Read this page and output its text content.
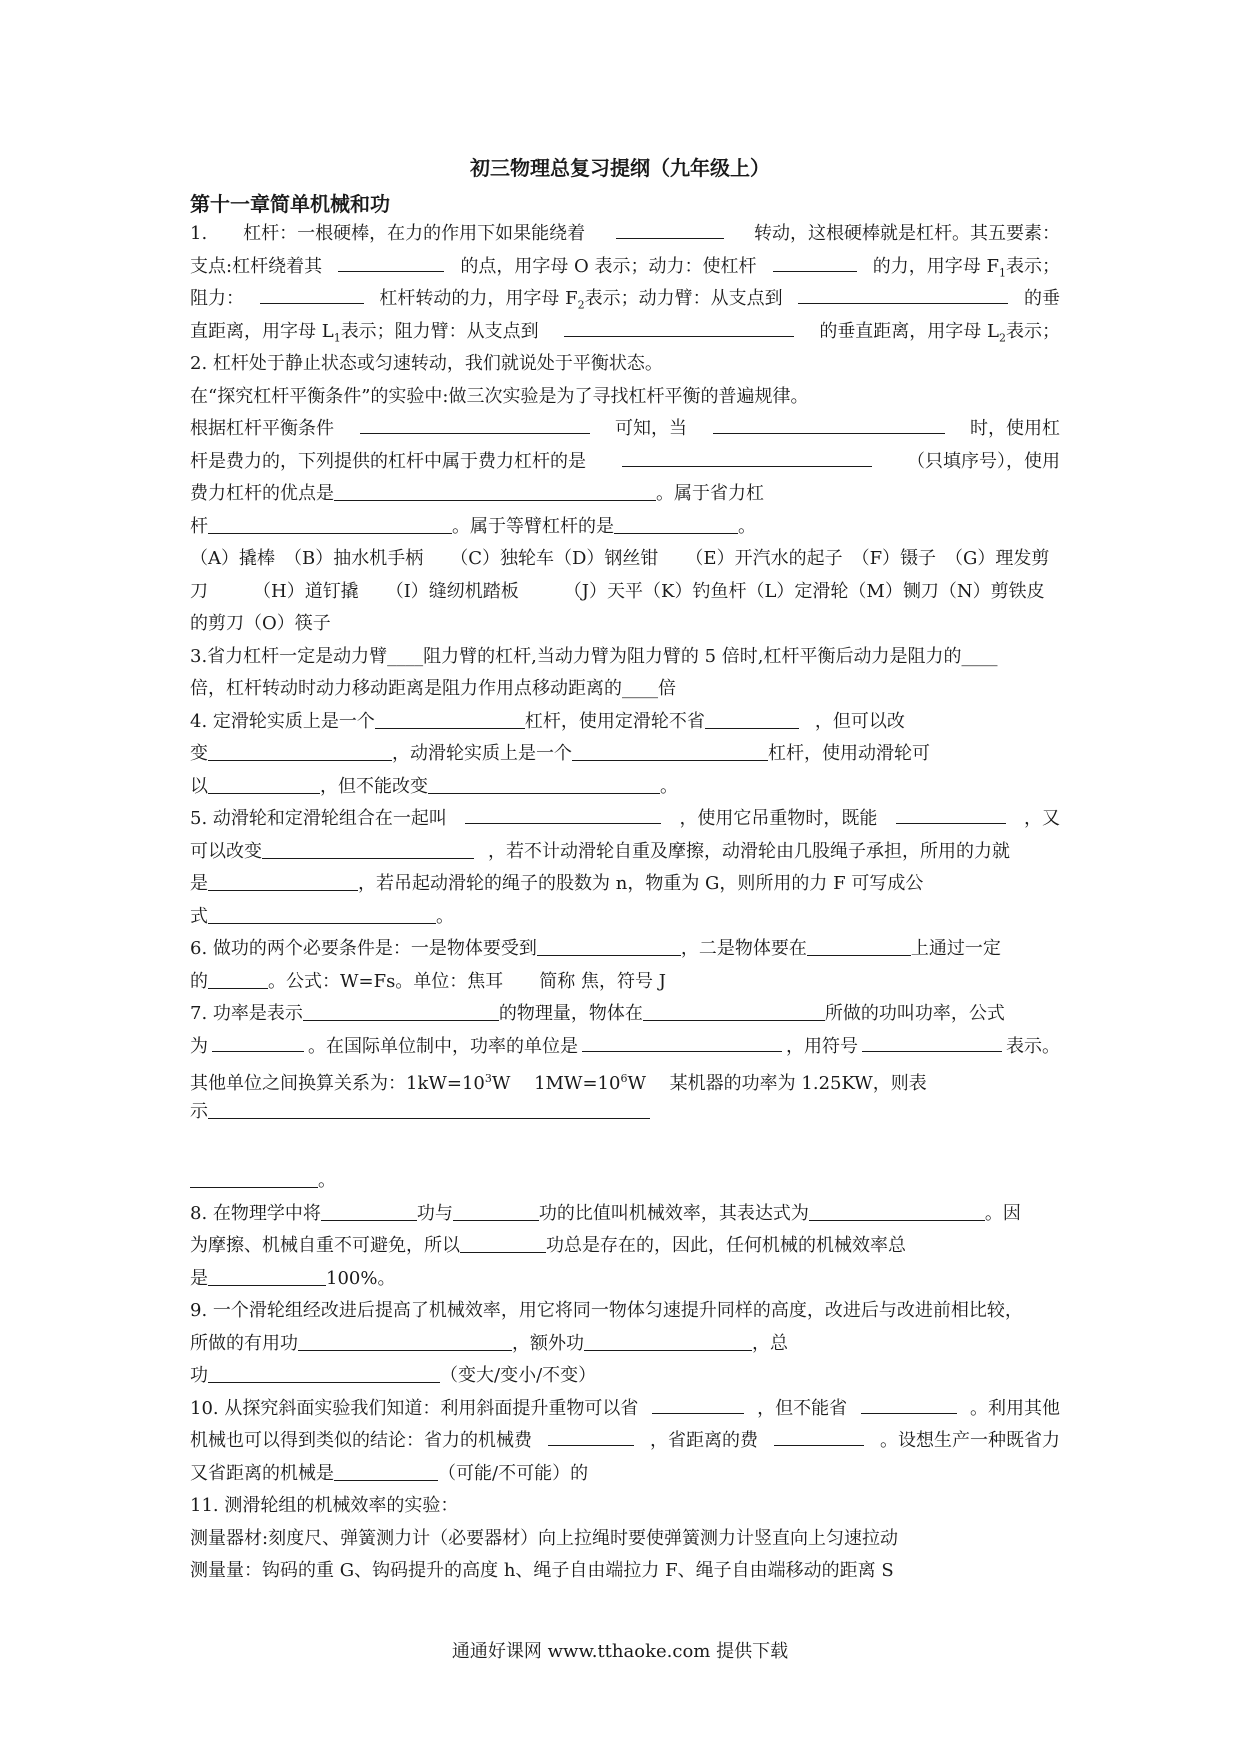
初三物理总复习提纲（九年级上）
第十一章简单机械和功
1.　　杠杆：一根硬棒，在力的作用下如果能绕着	转动，这根硬棒就是杠杆。其五要素：
支点:杠杆绕着其	的点，用字母 O 表示；动力：使杠杆	的力，用字母 $F_1$表示；
阻力：	杠杆转动的力，用字母 $F_2$表示；动力臂：从支点到	的垂
直距离，用字母 $L_1$表示；阻力臂：从支点到	的垂直距离，用字母 $L_2$表示；
2. 杠杆处于静止状态或匀速转动，我们就说处于平衡状态。
在“探究杠杆平衡条件”的实验中:做三次实验是为了寻找杠杆平衡的普遍规律。
根据杠杆平衡条件	可知，当	时，使用杠
杆是费力的，下列提供的杠杆中属于费力杠杆的是	（只填序号），使用
费力杠杆的优点是	。属于省力杠
杆	。属于等臂杠杆的是	。
（A）撬棒　（B）抽水机手柄　　（C）独轮车（D）钢丝钳　　（E）开汽水的起子　（F）镊子　（G）理发剪
刀　　　（H）道钉撬　　（I）缝纫机踏板　　　（J）天平（K）钓鱼杆（L）定滑轮（M）铡刀（N）剪铁皮
的剪刀（O）筷子
3.省力杠杆一定是动力臂____阻力臂的杠杆,当动力臂为阻力臂的 5 倍时,杠杆平衡后动力是阻力的____
倍，杠杆转动时动力移动距离是阻力作用点移动距离的____倍
4. 定滑轮实质上是一个	杠杆，使用定滑轮不省	，但可以改
变	，动滑轮实质上是一个	杠杆，使用动滑轮可
以	，但不能改变	。
5. 动滑轮和定滑轮组合在一起叫	，使用它吊重物时，既能	，又
可以改变	，若不计动滑轮自重及摩擦，动滑轮由几股绳子承担，所用的力就
是	，若吊起动滑轮的绳子的股数为 n，物重为 G，则所用的力 F 可写成公
式	。
6. 做功的两个必要条件是：一是物体要受到	，二是物体要在	上通过一定
的	。公式：W=Fs。单位：焦耳　　简称 焦，符号 J
7. 功率是表示	的物理量，物体在	所做的功叫功率，公式
为	。在国际单位制中，功率的单位是	，用符号	表示。
其他单位之间换算关系为：$1kW=10^3W$　 $1MW=10^6W$　 某机器的功率为 1.25KW，则表
示
。
8. 在物理学中将	功与	功的比值叫机械效率，其表达式为	。因
为摩擦、机械自重不可避免，所以	功总是存在的，因此，任何机械的机械效率总
是	100%。
9. 一个滑轮组经改进后提高了机械效率，用它将同一物体匀速提升同样的高度，改进后与改进前相比较，
所做的有用功	，额外功	，总
功	（变大/变小/不变）
10. 从探究斜面实验我们知道：利用斜面提升重物可以省	，但不能省	。利用其他
机械也可以得到类似的结论：省力的机械费	，省距离的费	。设想生产一种既省力
又省距离的机械是	（可能/不可能）的
11. 测滑轮组的机械效率的实验：
测量器材:刻度尺、弹簧测力计（必要器材）向上拉绳时要使弹簧测力计竖直向上匀速拉动
测量量：钩码的重 G、钩码提升的高度 h、绳子自由端拉力 F、绳子自由端移动的距离 S
通通好课网 www.tthaoke.com 提供下载
